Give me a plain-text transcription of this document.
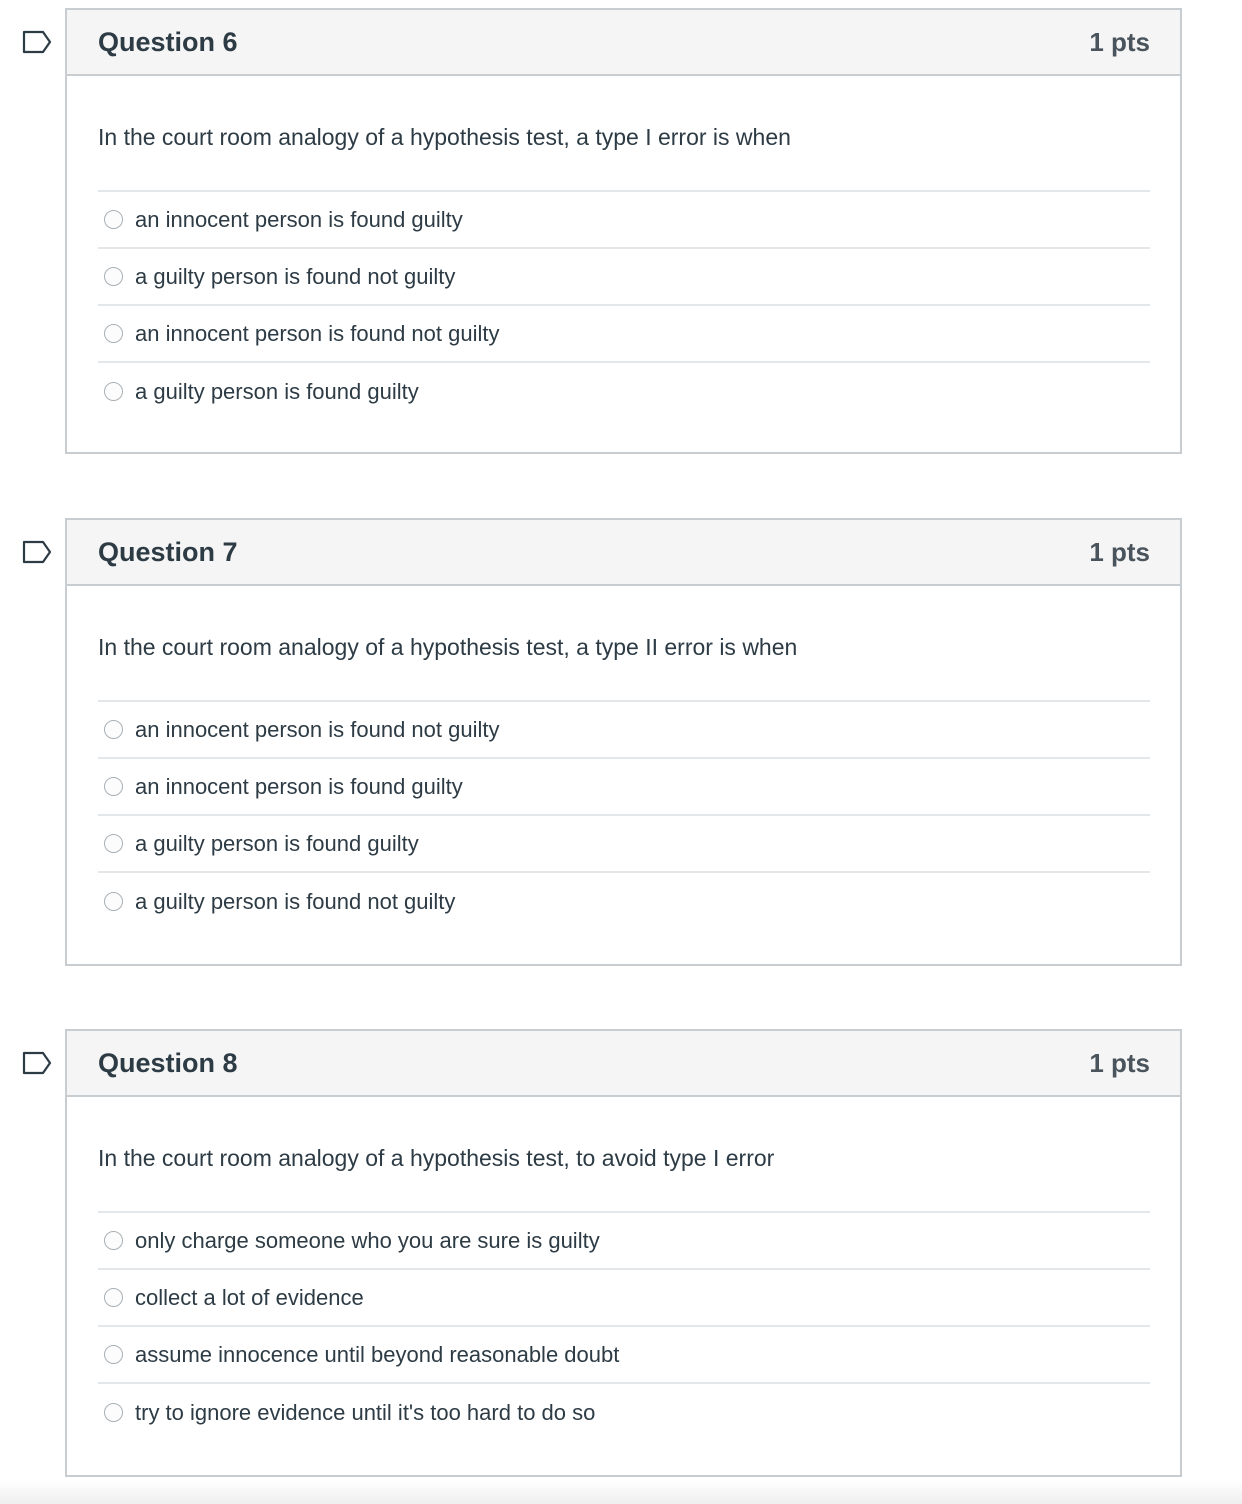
Question 6	1 pts
In the court room analogy of a hypothesis test, a type I error is when
an innocent person is found guilty
a guilty person is found not guilty
an innocent person is found not guilty
a guilty person is found guilty
Question 7	1 pts
In the court room analogy of a hypothesis test, a type II error is when
an innocent person is found not guilty
an innocent person is found guilty
a guilty person is found guilty
a guilty person is found not guilty
Question 8	1 pts
In the court room analogy of a hypothesis test, to avoid type I error
only charge someone who you are sure is guilty
collect a lot of evidence
assume innocence until beyond reasonable doubt
try to ignore evidence until it's too hard to do so
